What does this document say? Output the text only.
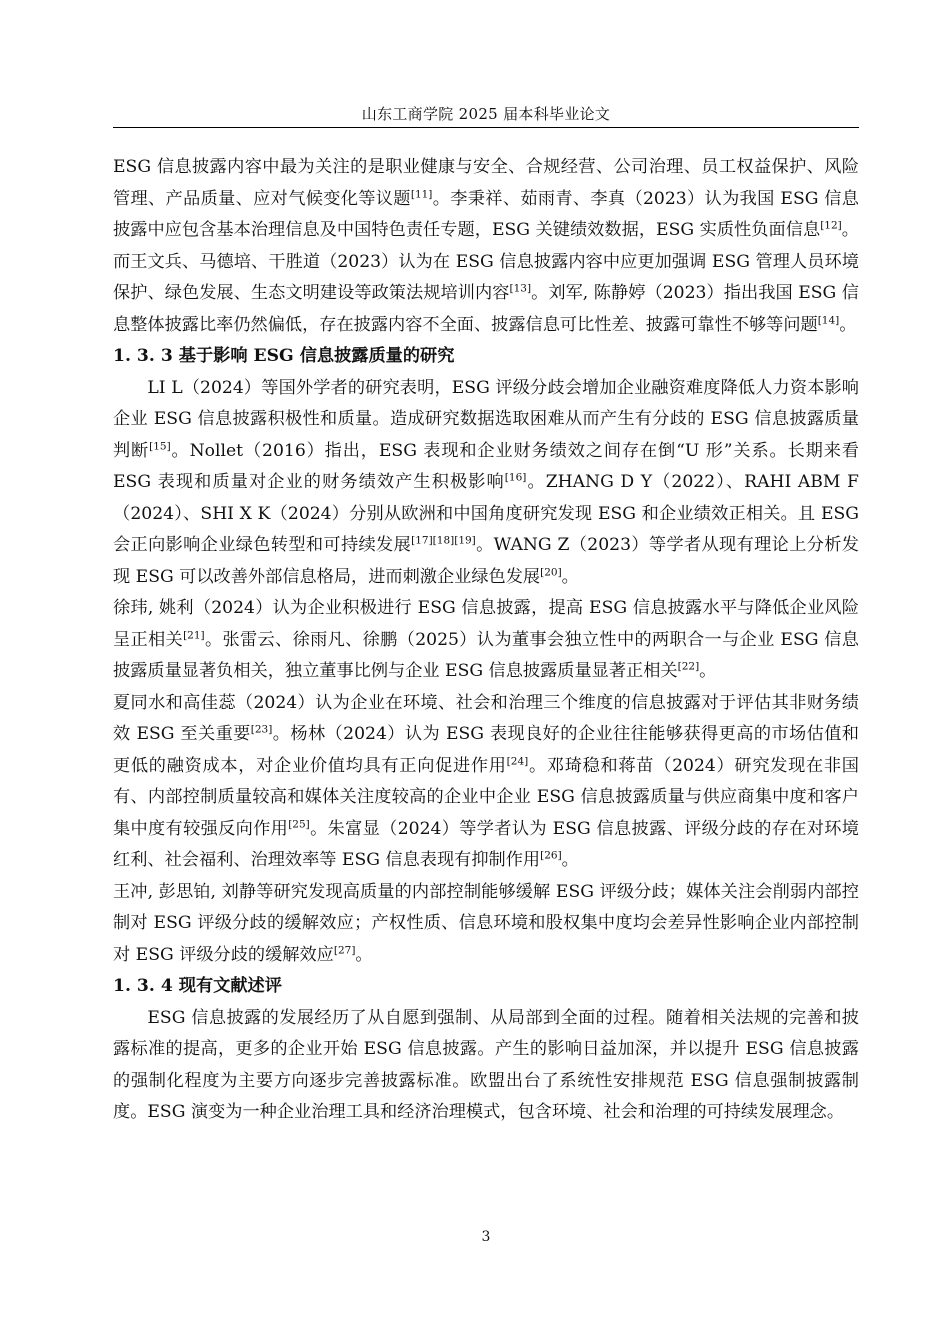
山东工商学院 2025 届本科毕业论文

ESG 信息披露内容中最为关注的是职业健康与安全、合规经营、公司治理、员工权益保护、风险管理、产品质量、应对气候变化等议题[11]。李秉祥、茹雨青、李真（2023）认为我国 ESG 信息披露中应包含基本治理信息及中国特色责任专题，ESG 关键绩效数据，ESG 实质性负面信息[12]。而王文兵、马德培、干胜道（2023）认为在 ESG 信息披露内容中应更加强调 ESG 管理人员环境保护、绿色发展、生态文明建设等政策法规培训内容[13]。刘军, 陈静婷（2023）指出我国 ESG 信息整体披露比率仍然偏低，存在披露内容不全面、披露信息可比性差、披露可靠性不够等问题[14]。

1. 3. 3 基于影响 ESG 信息披露质量的研究

LI L（2024）等国外学者的研究表明，ESG 评级分歧会增加企业融资难度降低人力资本影响企业 ESG 信息披露积极性和质量。造成研究数据选取困难从而产生有分歧的 ESG 信息披露质量判断[15]。Nollet（2016）指出，ESG 表现和企业财务绩效之间存在倒“U 形”关系。长期来看 ESG 表现和质量对企业的财务绩效产生积极影响[16]。ZHANG D Y（2022）、RAHI ABM F（2024）、SHI X K（2024）分别从欧洲和中国角度研究发现 ESG 和企业绩效正相关。且 ESG 会正向影响企业绿色转型和可持续发展[17][18][19]。WANG Z（2023）等学者从现有理论上分析发现 ESG 可以改善外部信息格局，进而刺激企业绿色发展[20]。

徐玮, 姚利（2024）认为企业积极进行 ESG 信息披露，提高 ESG 信息披露水平与降低企业风险呈正相关[21]。张雷云、徐雨凡、徐鹏（2025）认为董事会独立性中的两职合一与企业 ESG 信息披露质量显著负相关，独立董事比例与企业 ESG 信息披露质量显著正相关[22]。

夏同水和高佳蕊（2024）认为企业在环境、社会和治理三个维度的信息披露对于评估其非财务绩效 ESG 至关重要[23]。杨林（2024）认为 ESG 表现良好的企业往往能够获得更高的市场估值和更低的融资成本，对企业价值均具有正向促进作用[24]。邓琦稳和蒋苗（2024）研究发现在非国有、内部控制质量较高和媒体关注度较高的企业中企业 ESG 信息披露质量与供应商集中度和客户集中度有较强反向作用[25]。朱富显（2024）等学者认为 ESG 信息披露、评级分歧的存在对环境红利、社会福利、治理效率等 ESG 信息表现有抑制作用[26]。

王冲, 彭思铂, 刘静等研究发现高质量的内部控制能够缓解 ESG 评级分歧；媒体关注会削弱内部控制对 ESG 评级分歧的缓解效应；产权性质、信息环境和股权集中度均会差异性影响企业内部控制对 ESG 评级分歧的缓解效应[27]。

1. 3. 4 现有文献述评

ESG 信息披露的发展经历了从自愿到强制、从局部到全面的过程。随着相关法规的完善和披露标准的提高，更多的企业开始 ESG 信息披露。产生的影响日益加深，并以提升 ESG 信息披露的强制化程度为主要方向逐步完善披露标准。欧盟出台了系统性安排规范 ESG 信息强制披露制度。ESG 演变为一种企业治理工具和经济治理模式，包含环境、社会和治理的可持续发展理念。

3
